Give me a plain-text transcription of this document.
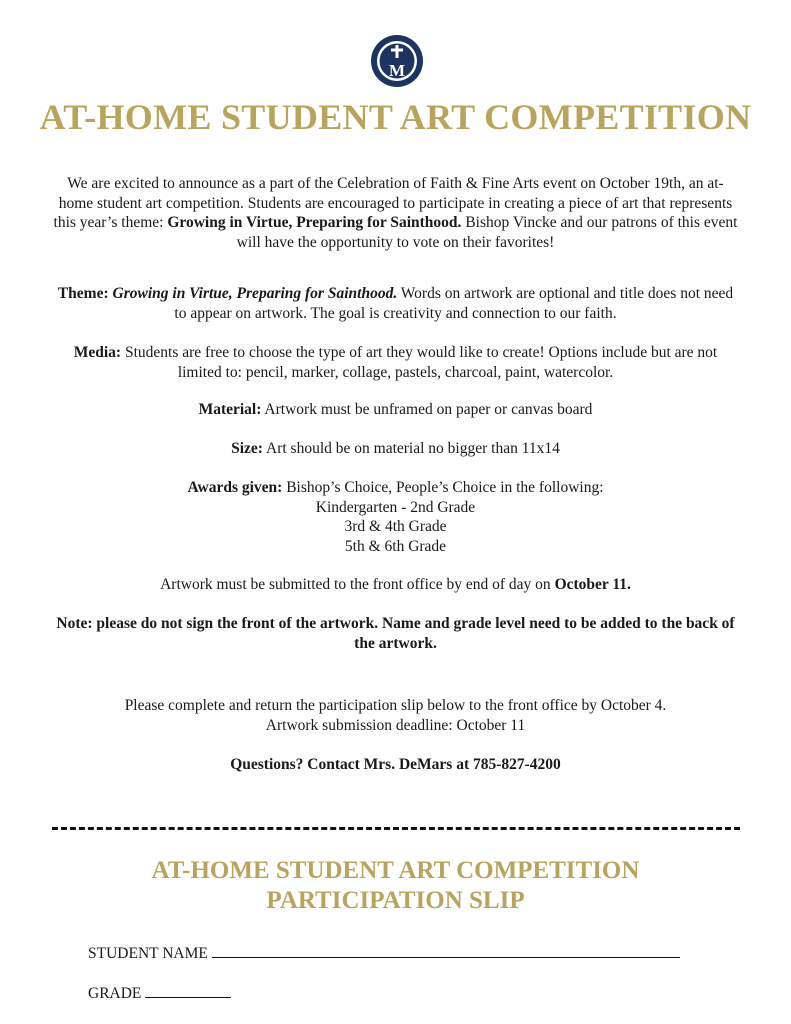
M
AT-HOME STUDENT ART COMPETITION

We are excited to announce as a part of the Celebration of Faith & Fine Arts event on October 19th, an at-home student art competition. Students are encouraged to participate in creating a piece of art that represents this year’s theme: Growing in Virtue, Preparing for Sainthood. Bishop Vincke and our patrons of this event will have the opportunity to vote on their favorites!

Theme: Growing in Virtue, Preparing for Sainthood. Words on artwork are optional and title does not need to appear on artwork. The goal is creativity and connection to our faith.

Media: Students are free to choose the type of art they would like to create! Options include but are not limited to: pencil, marker, collage, pastels, charcoal, paint, watercolor.

Material: Artwork must be unframed on paper or canvas board

Size: Art should be on material no bigger than 11x14

Awards given: Bishop’s Choice, People’s Choice in the following:
Kindergarten - 2nd Grade
3rd & 4th Grade
5th & 6th Grade

Artwork must be submitted to the front office by end of day on October 11.

Note: please do not sign the front of the artwork. Name and grade level need to be added to the back of the artwork.

Please complete and return the participation slip below to the front office by October 4.
Artwork submission deadline: October 11

Questions? Contact Mrs. DeMars at 785-827-4200

AT-HOME STUDENT ART COMPETITION
PARTICIPATION SLIP
STUDENT NAME
GRADE
